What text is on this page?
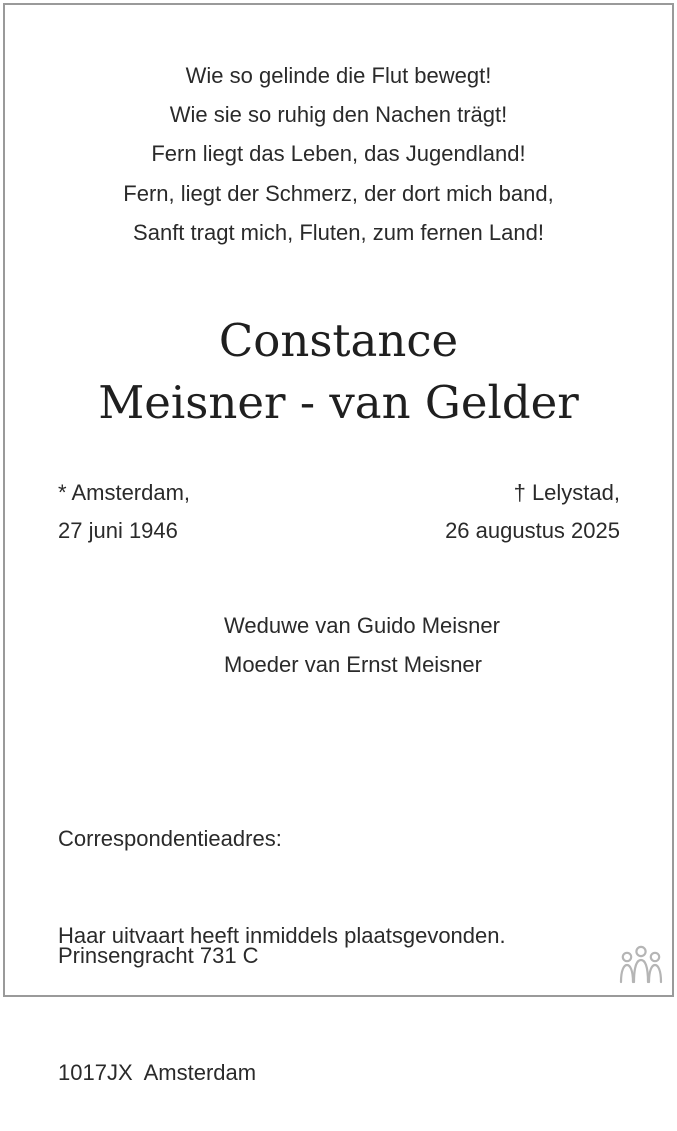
Wie so gelinde die Flut bewegt!
Wie sie so ruhig den Nachen trägt!
Fern liegt das Leben, das Jugendland!
Fern, liegt der Schmerz, der dort mich band,
Sanft tragt mich, Fluten, zum fernen Land!
Constance
Meisner - van Gelder
* Amsterdam,
27 juni 1946
† Lelystad,
26 augustus 2025
Weduwe van Guido Meisner
Moeder van Ernst Meisner

Correspondentieadres:

Prinsengracht 731 C

1017JX  Amsterdam

Haar uitvaart heeft inmiddels plaatsgevonden.
